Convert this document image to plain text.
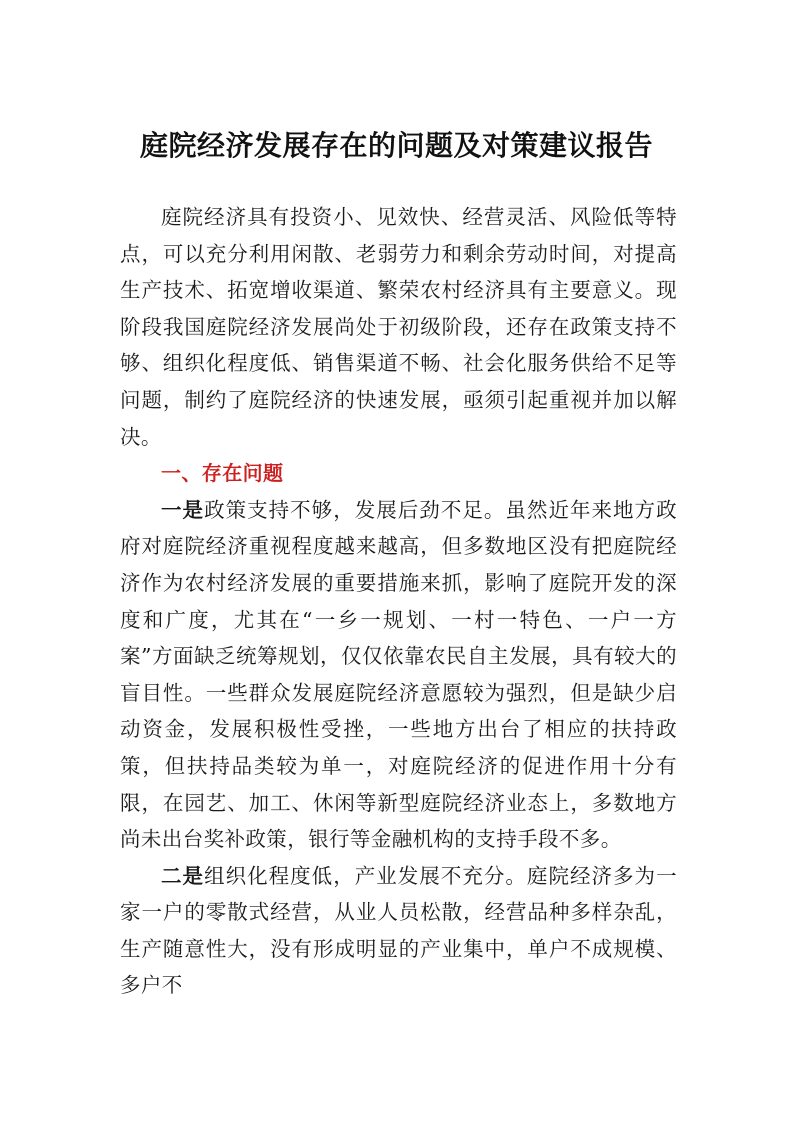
庭院经济发展存在的问题及对策建议报告

庭院经济具有投资小、见效快、经营灵活、风险低等特点，可以充分利用闲散、老弱劳力和剩余劳动时间，对提高生产技术、拓宽增收渠道、繁荣农村经济具有主要意义。现阶段我国庭院经济发展尚处于初级阶段，还存在政策支持不够、组织化程度低、销售渠道不畅、社会化服务供给不足等问题，制约了庭院经济的快速发展，亟须引起重视并加以解决。

一、存在问题

一是政策支持不够，发展后劲不足。虽然近年来地方政府对庭院经济重视程度越来越高，但多数地区没有把庭院经济作为农村经济发展的重要措施来抓，影响了庭院开发的深度和广度，尤其在“一乡一规划、一村一特色、一户一方案”方面缺乏统筹规划，仅仅依靠农民自主发展，具有较大的盲目性。一些群众发展庭院经济意愿较为强烈，但是缺少启动资金，发展积极性受挫，一些地方出台了相应的扶持政策，但扶持品类较为单一，对庭院经济的促进作用十分有限，在园艺、加工、休闲等新型庭院经济业态上，多数地方尚未出台奖补政策，银行等金融机构的支持手段不多。

二是组织化程度低，产业发展不充分。庭院经济多为一家一户的零散式经营，从业人员松散，经营品种多样杂乱，生产随意性大，没有形成明显的产业集中，单户不成规模、多户不
